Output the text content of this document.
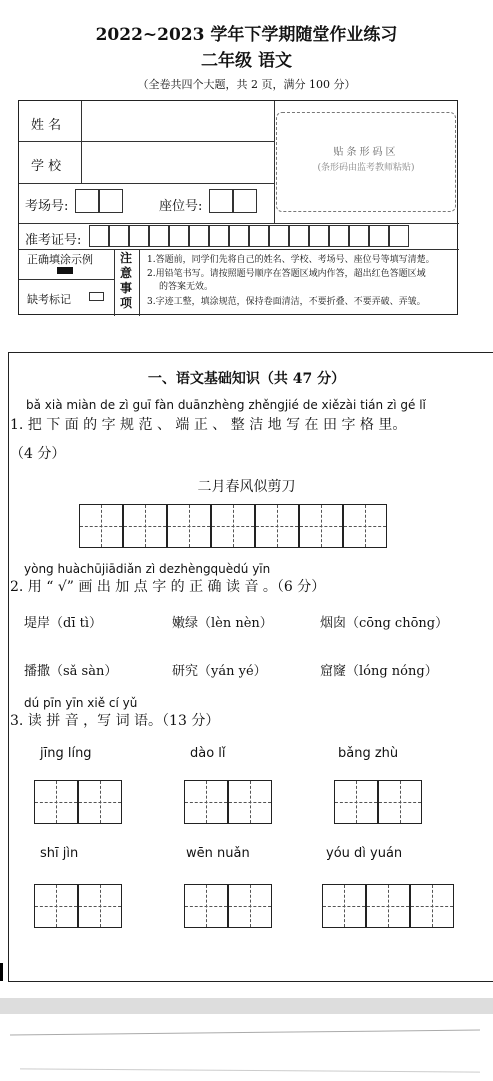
2022~2023 学年下学期随堂作业练习
二年级 语文
（全卷共四个大题，共 2 页，满分 100 分）
姓 名
学 校
考场号:	座位号:
准考证号:
正确填涂示例
缺考标记
注意事项
1.答题前，同学们先将自己的姓名、学校、考场号、座位号等填写清楚。
2.用铅笔书写。请按照题号顺序在答题区域内作答，超出红色答题区域
的答案无效。
3.字迹工整，填涂规范，保持卷面清洁，不要折叠、不要弄破、弄皱。
贴条形码区
(条形码由监考教师粘贴)
一、语文基础知识（共 47 分）
bǎ xià miàn de zì guī fàn duānzhèng zhěngjié de xiězài tián zì gé lǐ
1. 把 下 面 的 字 规 范 、 端 正 、 整 洁 地 写 在 田 字 格 里。
（4 分）
二月春风似剪刀
yòng huàchūjiādiǎn zì dezhèngquèdú yīn
2. 用 “ √” 画 出 加 点 字 的 正 确 读 音 。（6 分）
堤岸（dī tì）	嫩绿（lèn nèn）	烟囱（cōng chōng）
播撒（sǎ sàn）	研究（yán yé）	窟窿（lóng nóng）
dú pīn yīn xiě cí yǔ
3. 读 拼 音 ，写 词 语。（13 分）
jīng líng	dào lǐ	bǎng zhù
shī jìn	wēn nuǎn	yóu dì yuán
